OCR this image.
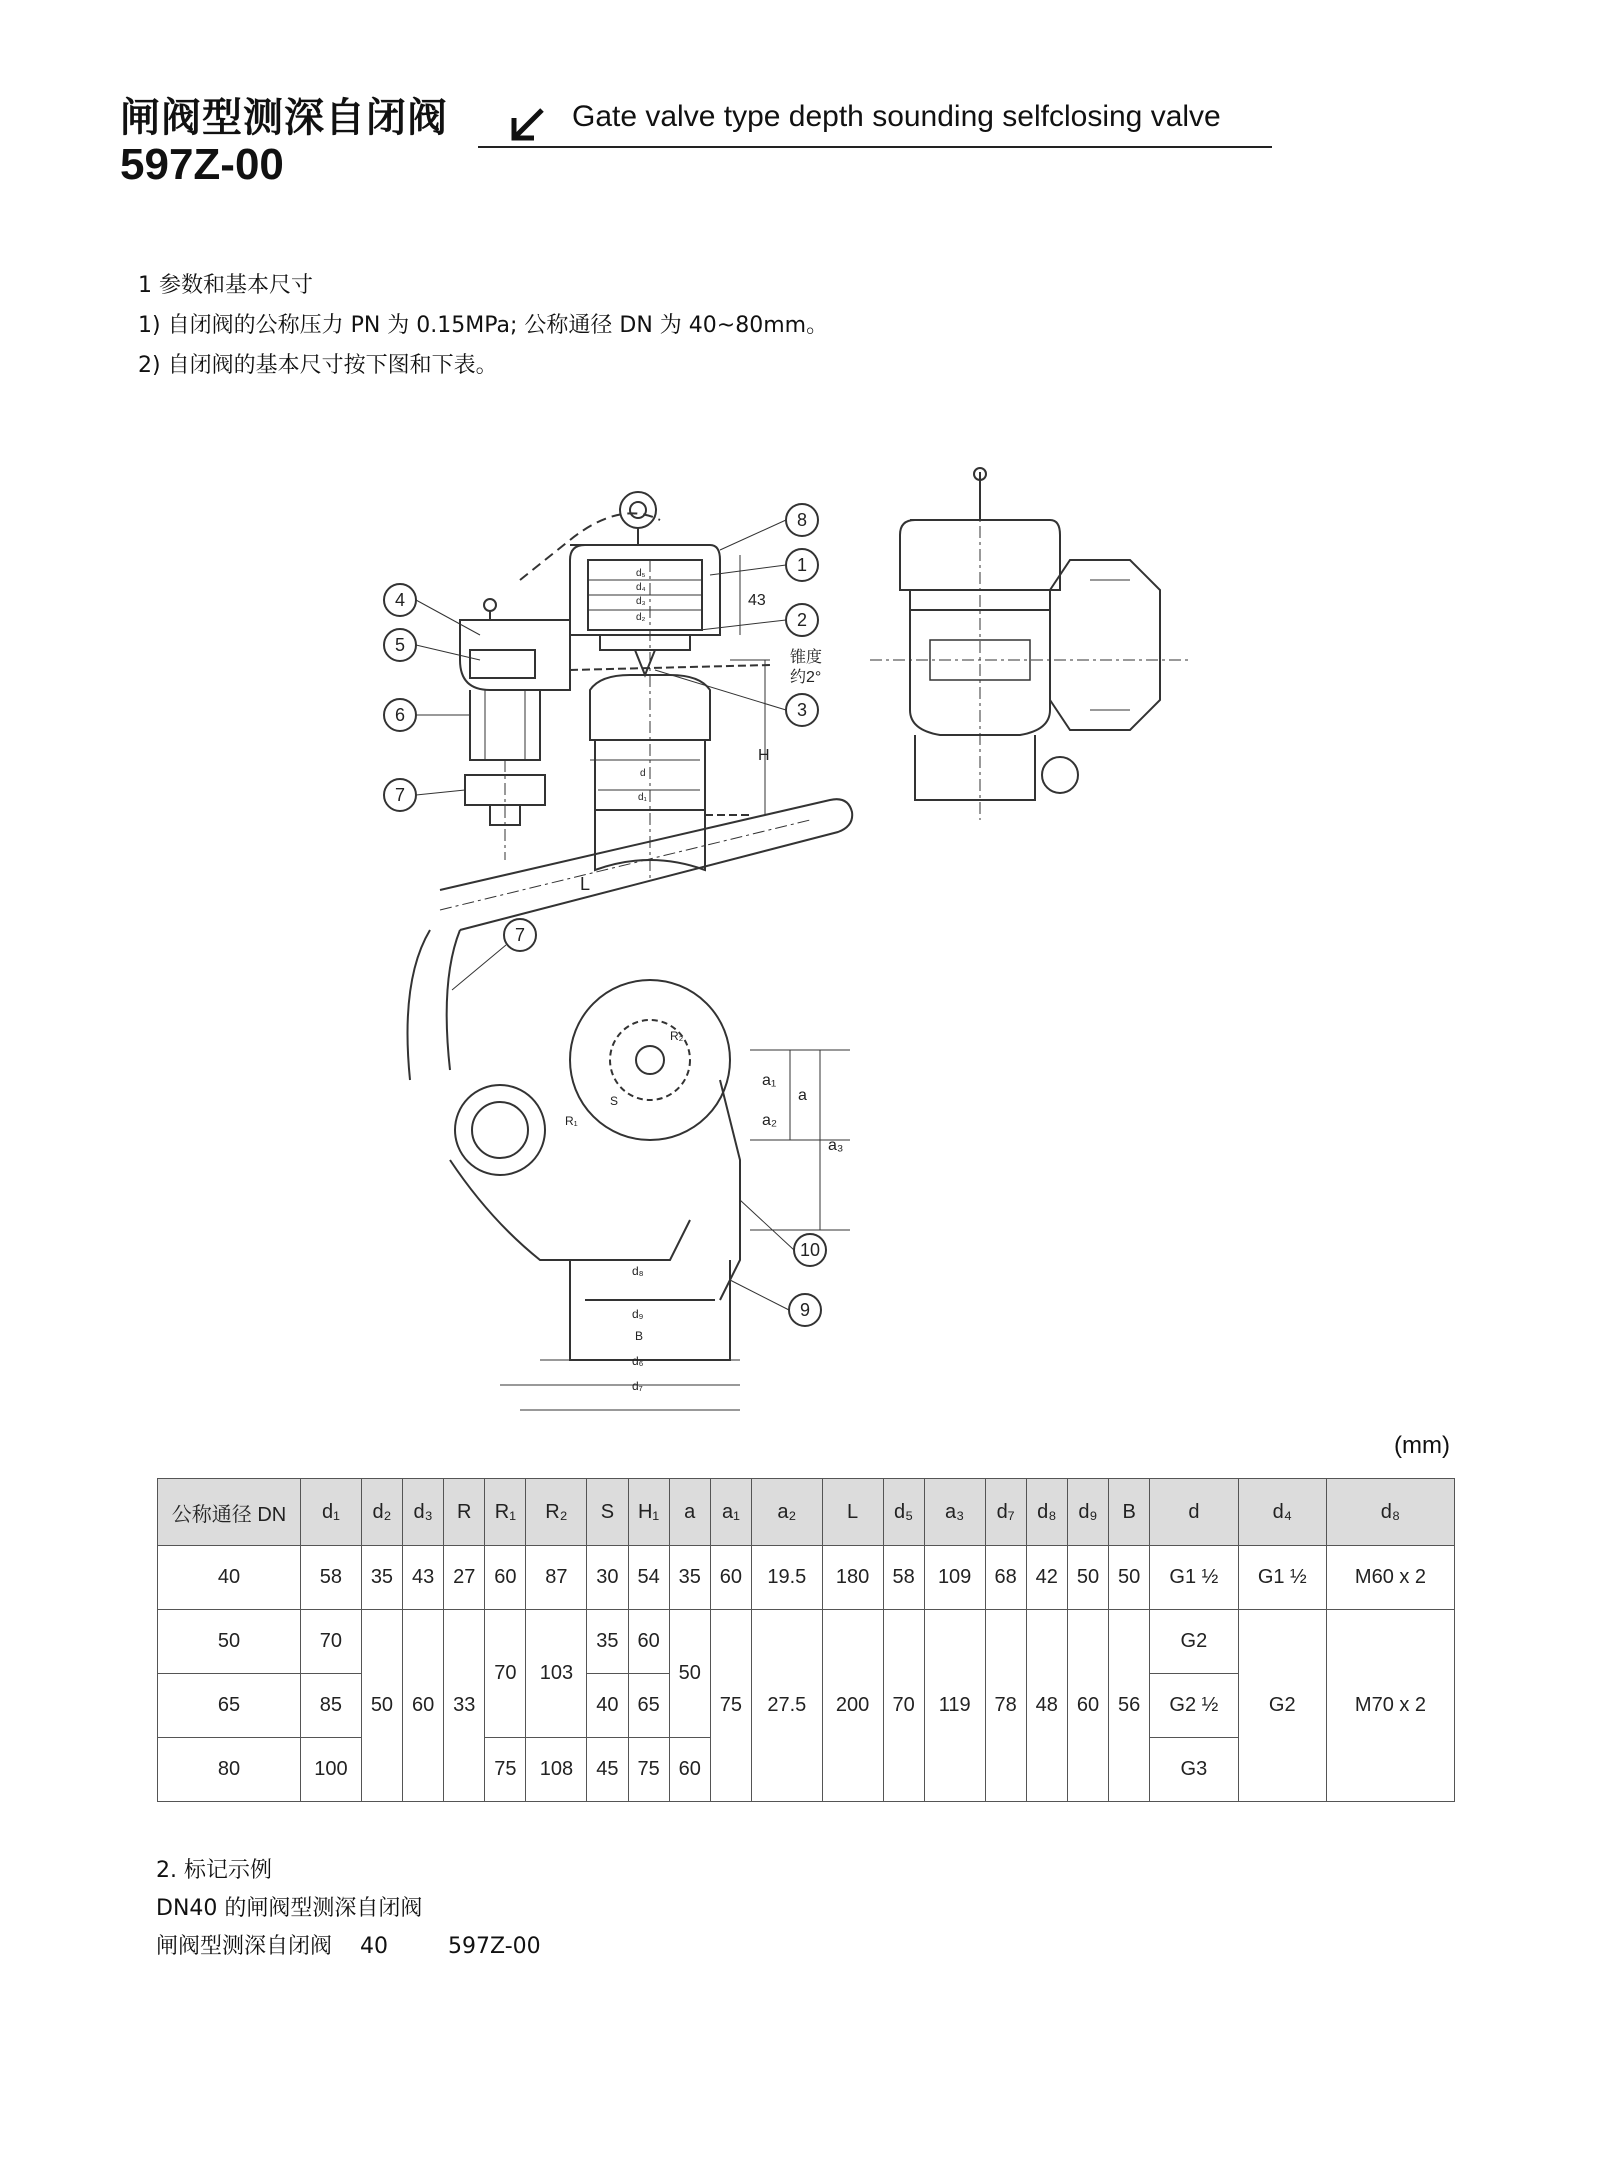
闸阀型测深自闭阀
597Z-00
Gate valve type depth sounding selfclosing valve
1 参数和基本尺寸
1) 自闭阀的公称压力 PN 为 0.15MPa; 公称通径 DN 为 40~80mm。
2) 自闭阀的基本尺寸按下图和下表。
H
43
锥度
约2°
L
a₁
a₂
a
a₃
B
d₆
d₇
d₈
d₉
R₂
R₁
S
d₅
d₄
d₃
d₂
d
d₁
8
1
2
3
4
5
6
7
7
10
9
(mm)
公称通径 DN	d₁	d₂	d₃	R	R₁	R₂	S	H₁	a	a₁	a₂	L	d₅	a₃	d₇	d₈	d₉	B	d	d₄	d₈
40	58	35	43	27	60	87	30	54	35	60	19.5	180	58	109	68	42	50	50	G1 ½	G1 ½	M60 x 2
50	70	50	60	33	70	103	35	60	50	75	27.5	200	70	119	78	48	60	56	G2	G2	M70 x 2
65	85						40	65											G2 ½		
80	100				75	108	45	75	60										G3		
2. 标记示例
DN40 的闸阀型测深自闭阀
闸阀型测深自闭阀 40	597Z-00
